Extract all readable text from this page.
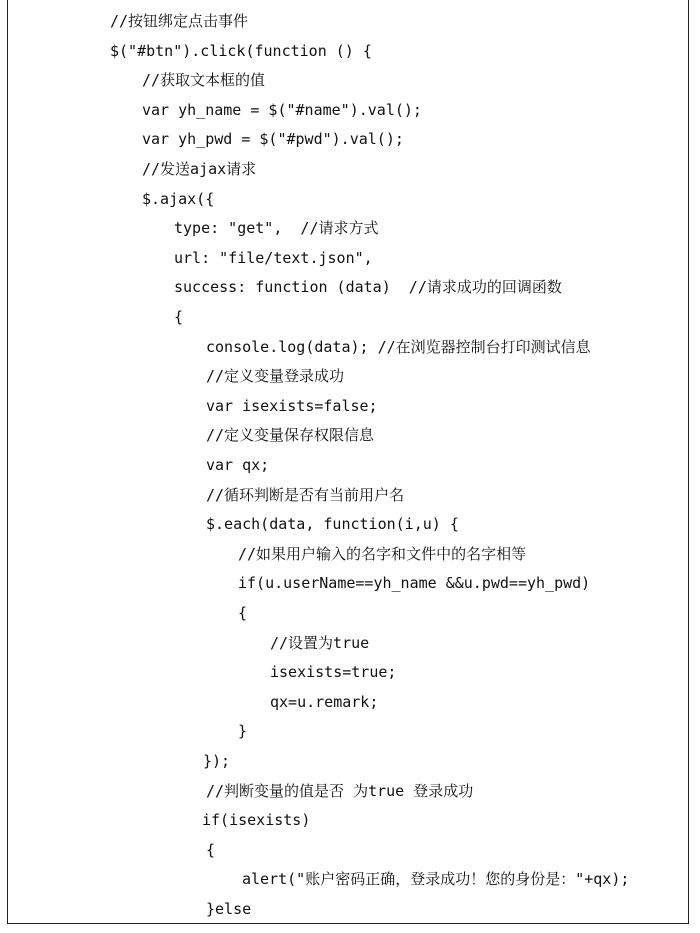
//按钮绑定点击事件
$("#btn").click(function () {
//获取文本框的值
var yh_name = $("#name").val();
var yh_pwd = $("#pwd").val();
//发送ajax请求
$.ajax({
type: "get",  //请求方式
url: "file/text.json",
success: function (data)  //请求成功的回调函数
{
console.log(data); //在浏览器控制台打印测试信息
//定义变量登录成功
var isexists=false;
//定义变量保存权限信息
var qx;
//循环判断是否有当前用户名
$.each(data, function(i,u) {
//如果用户输入的名字和文件中的名字相等
if(u.userName==yh_name &&u.pwd==yh_pwd)
{
//设置为true
isexists=true;
qx=u.remark;
}
});
//判断变量的值是否 为true 登录成功
if(isexists)
{
alert("账户密码正确，登录成功！您的身份是："+qx);
}else
